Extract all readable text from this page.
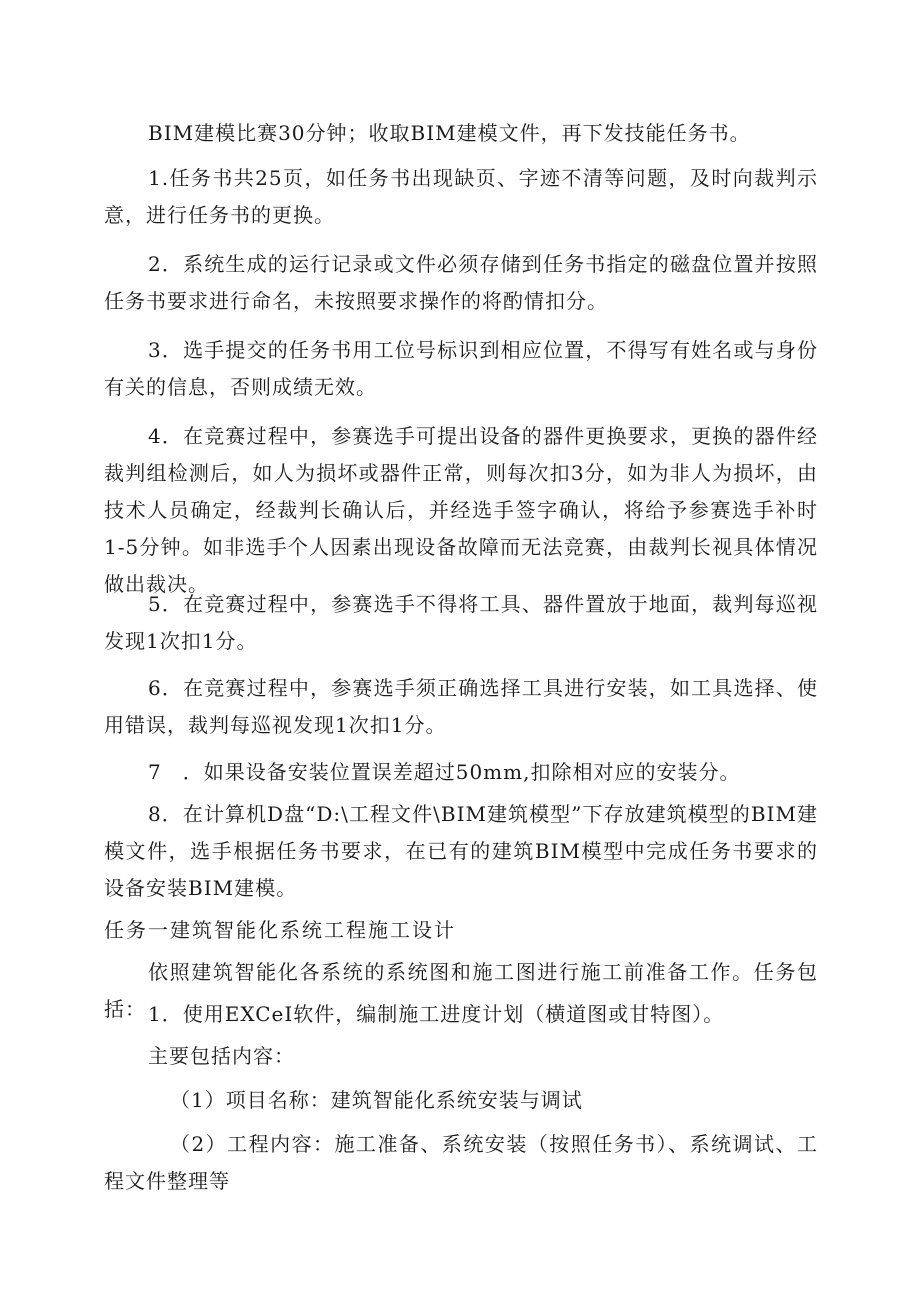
BIM建模比赛30分钟；收取BIM建模文件，再下发技能任务书。

1.任务书共25页，如任务书出现缺页、字迹不清等问题，及时向裁判示意，进行任务书的更换。

2．系统生成的运行记录或文件必须存储到任务书指定的磁盘位置并按照任务书要求进行命名，未按照要求操作的将酌情扣分。

3．选手提交的任务书用工位号标识到相应位置，不得写有姓名或与身份有关的信息，否则成绩无效。

4．在竞赛过程中，参赛选手可提出设备的器件更换要求，更换的器件经裁判组检测后，如人为损坏或器件正常，则每次扣3分，如为非人为损坏，由技术人员确定，经裁判长确认后，并经选手签字确认，将给予参赛选手补时1-5分钟。如非选手个人因素出现设备故障而无法竞赛，由裁判长视具体情况做出裁决。

5．在竞赛过程中，参赛选手不得将工具、器件置放于地面，裁判每巡视发现1次扣1分。

6．在竞赛过程中，参赛选手须正确选择工具进行安装，如工具选择、使用错误，裁判每巡视发现1次扣1分。

7　．如果设备安装位置误差超过50mm,扣除相对应的安装分。

8．在计算机D盘“D:\工程文件\BIM建筑模型”下存放建筑模型的BIM建模文件，选手根据任务书要求，在已有的建筑BIM模型中完成任务书要求的设备安装BIM建模。

任务一建筑智能化系统工程施工设计

依照建筑智能化各系统的系统图和施工图进行施工前准备工作。任务包括： 1．使用EXCeI软件，编制施工进度计划（横道图或甘特图）。

主要包括内容：

（1）项目名称：建筑智能化系统安装与调试

（2）工程内容：施工准备、系统安装（按照任务书）、系统调试、工程文件整理等
